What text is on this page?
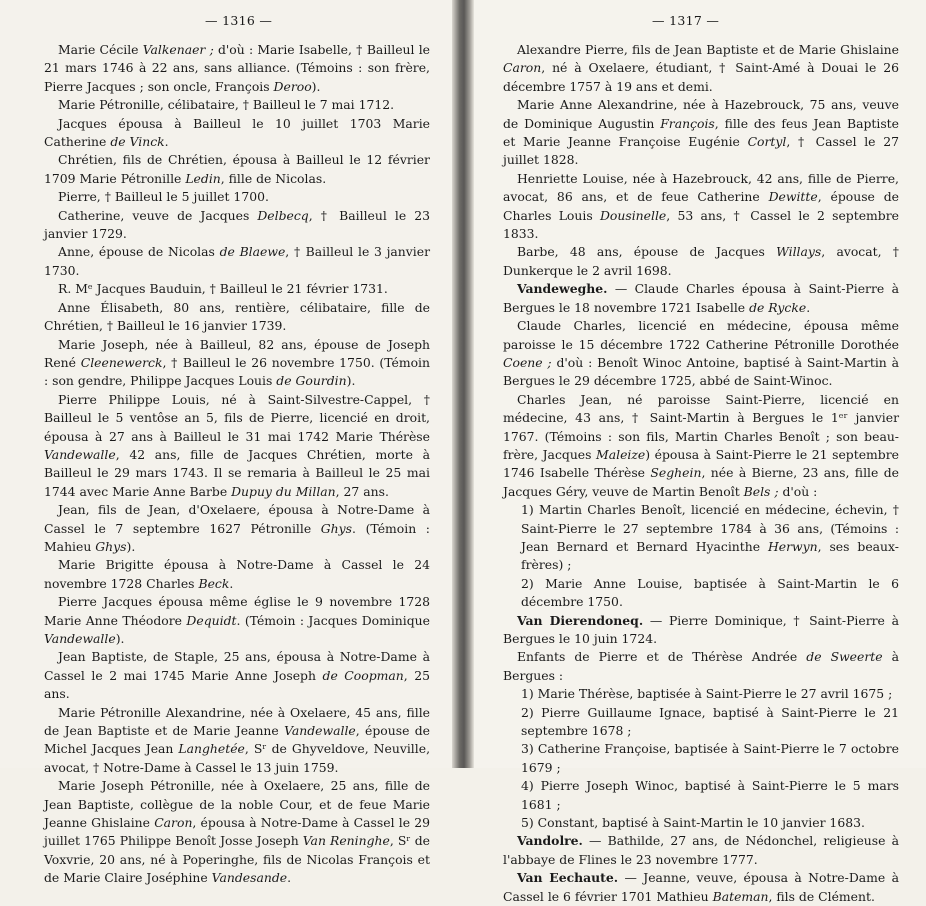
— 1316 —

Marie Cécile Valkenaer ; d'où : Marie Isabelle, † Bailleul le 21 mars 1746 à 22 ans, sans alliance. (Témoins : son frère, Pierre Jacques ; son oncle, François Deroo).

Marie Pétronille, célibataire, † Bailleul le 7 mai 1712.

Jacques épousa à Bailleul le 10 juillet 1703 Marie Catherine de Vinck.

Chrétien, fils de Chrétien, épousa à Bailleul le 12 février 1709 Marie Pétronille Ledin, fille de Nicolas.

Pierre, † Bailleul le 5 juillet 1700.

Catherine, veuve de Jacques Delbecq, † Bailleul le 23 janvier 1729.

Anne, épouse de Nicolas de Blaewe, † Bailleul le 3 janvier 1730.

R. Mᵉ Jacques Bauduin, † Bailleul le 21 février 1731.

Anne Élisabeth, 80 ans, rentière, célibataire, fille de Chrétien, † Bailleul le 16 janvier 1739.

Marie Joseph, née à Bailleul, 82 ans, épouse de Joseph René Cleenewerck, † Bailleul le 26 novembre 1750. (Témoin : son gendre, Philippe Jacques Louis de Gourdin).

Pierre Philippe Louis, né à Saint-Silvestre-Cappel, † Bailleul le 5 ventôse an 5, fils de Pierre, licencié en droit, épousa à 27 ans à Bailleul le 31 mai 1742 Marie Thérèse Vandewalle, 42 ans, fille de Jacques Chrétien, morte à Bailleul le 29 mars 1743. Il se remaria à Bailleul le 25 mai 1744 avec Marie Anne Barbe Dupuy du Millan, 27 ans.

Jean, fils de Jean, d'Oxelaere, épousa à Notre-Dame à Cassel le 7 septembre 1627 Pétronille Ghys. (Témoin : Mahieu Ghys).

Marie Brigitte épousa à Notre-Dame à Cassel le 24 novembre 1728 Charles Beck.

Pierre Jacques épousa même église le 9 novembre 1728 Marie Anne Théodore Dequidt. (Témoin : Jacques Dominique Vandewalle).

Jean Baptiste, de Staple, 25 ans, épousa à Notre-Dame à Cassel le 2 mai 1745 Marie Anne Joseph de Coopman, 25 ans.

Marie Pétronille Alexandrine, née à Oxelaere, 45 ans, fille de Jean Baptiste et de Marie Jeanne Vandewalle, épouse de Michel Jacques Jean Langhetée, Sʳ de Ghyveldove, Neuville, avocat, † Notre-Dame à Cassel le 13 juin 1759.

Marie Joseph Pétronille, née à Oxelaere, 25 ans, fille de Jean Baptiste, collègue de la noble Cour, et de feue Marie Jeanne Ghislaine Caron, épousa à Notre-Dame à Cassel le 29 juillet 1765 Philippe Benoît Josse Joseph Van Reninghe, Sʳ de Voxvrie, 20 ans, né à Poperinghe, fils de Nicolas François et de Marie Claire Joséphine Vandesande.

— 1317 —

Alexandre Pierre, fils de Jean Baptiste et de Marie Ghislaine Caron, né à Oxelaere, étudiant, † Saint-Amé à Douai le 26 décembre 1757 à 19 ans et demi.

Marie Anne Alexandrine, née à Hazebrouck, 75 ans, veuve de Dominique Augustin François, fille des feus Jean Baptiste et Marie Jeanne Françoise Eugénie Cortyl, † Cassel le 27 juillet 1828.

Henriette Louise, née à Hazebrouck, 42 ans, fille de Pierre, avocat, 86 ans, et de feue Catherine Dewitte, épouse de Charles Louis Dousinelle, 53 ans, † Cassel le 2 septembre 1833.

Barbe, 48 ans, épouse de Jacques Willays, avocat, † Dunkerque le 2 avril 1698.

Vandeweghe. — Claude Charles épousa à Saint-Pierre à Bergues le 18 novembre 1721 Isabelle de Rycke.

Claude Charles, licencié en médecine, épousa même paroisse le 15 décembre 1722 Catherine Pétronille Dorothée Coene ; d'où : Benoît Winoc Antoine, baptisé à Saint-Martin à Bergues le 29 décembre 1725, abbé de Saint-Winoc.

Charles Jean, né paroisse Saint-Pierre, licencié en médecine, 43 ans, † Saint-Martin à Bergues le 1ᵉʳ janvier 1767. (Témoins : son fils, Martin Charles Benoît ; son beau-frère, Jacques Maleize) épousa à Saint-Pierre le 21 septembre 1746 Isabelle Thérèse Seghein, née à Bierne, 23 ans, fille de Jacques Géry, veuve de Martin Benoît Bels ; d'où :

1) Martin Charles Benoît, licencié en médecine, échevin, † Saint-Pierre le 27 septembre 1784 à 36 ans, (Témoins : Jean Bernard et Bernard Hyacinthe Herwyn, ses beaux-frères) ;

2) Marie Anne Louise, baptisée à Saint-Martin le 6 décembre 1750.

Van Dierendoneq. — Pierre Dominique, † Saint-Pierre à Bergues le 10 juin 1724.

Enfants de Pierre et de Thérèse Andrée de Sweerte à Bergues :

1) Marie Thérèse, baptisée à Saint-Pierre le 27 avril 1675 ;

2) Pierre Guillaume Ignace, baptisé à Saint-Pierre le 21 septembre 1678 ;

3) Catherine Françoise, baptisée à Saint-Pierre le 7 octobre 1679 ;

4) Pierre Joseph Winoc, baptisé à Saint-Pierre le 5 mars 1681 ;

5) Constant, baptisé à Saint-Martin le 10 janvier 1683.

Vandolre. — Bathilde, 27 ans, de Nédonchel, religieuse à l'abbaye de Flines le 23 novembre 1777.

Van Eechaute. — Jeanne, veuve, épousa à Notre-Dame à Cassel le 6 février 1701 Mathieu Bateman, fils de Clément.
